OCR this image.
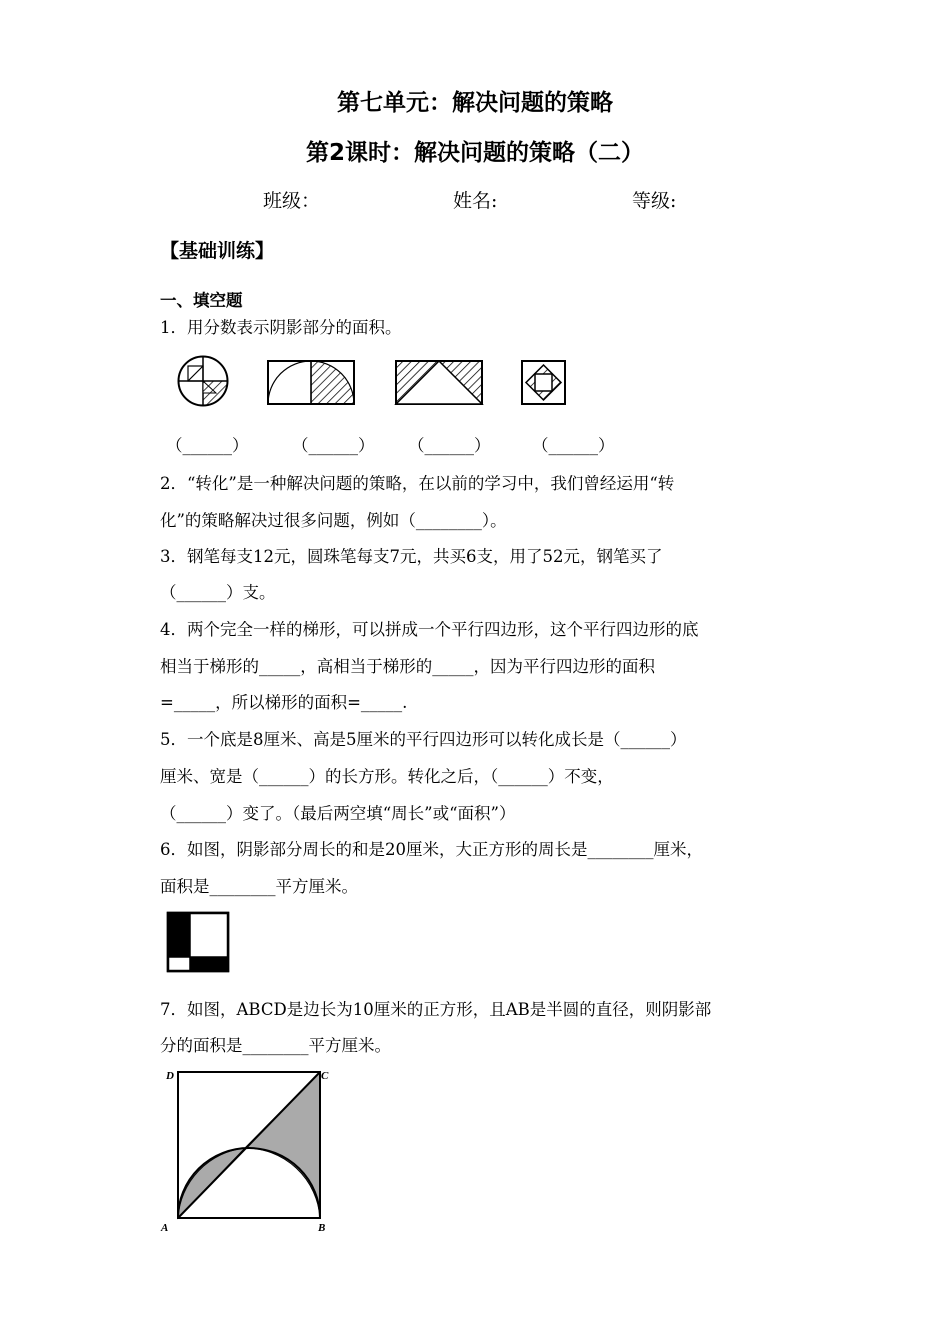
第七单元：解决问题的策略
第2课时：解决问题的策略（二）
班级：	姓名:	等级:
【基础训练】
一、填空题
1．用分数表示阴影部分的面积。
（______）	（______） （______）	（______）
2．“转化”是一种解决问题的策略，在以前的学习中，我们曾经运用“转
化”的策略解决过很多问题，例如（________）。
3．钢笔每支12元，圆珠笔每支7元，共买6支，用了52元，钢笔买了
（______）支。
4．两个完全一样的梯形，可以拼成一个平行四边形，这个平行四边形的底
相当于梯形的_____，高相当于梯形的_____，因为平行四边形的面积
=_____，所以梯形的面积=_____.
5．一个底是8厘米、高是5厘米的平行四边形可以转化成长是（______）
厘米、宽是（______）的长方形。转化之后，（______）不变，
（______）变了。（最后两空填“周长”或“面积”）
6．如图，阴影部分周长的和是20厘米，大正方形的周长是________厘米，
面积是________平方厘米。
7．如图，ABCD是边长为10厘米的正方形，且AB是半圆的直径，则阴影部
分的面积是________平方厘米。
D	C
A	B
